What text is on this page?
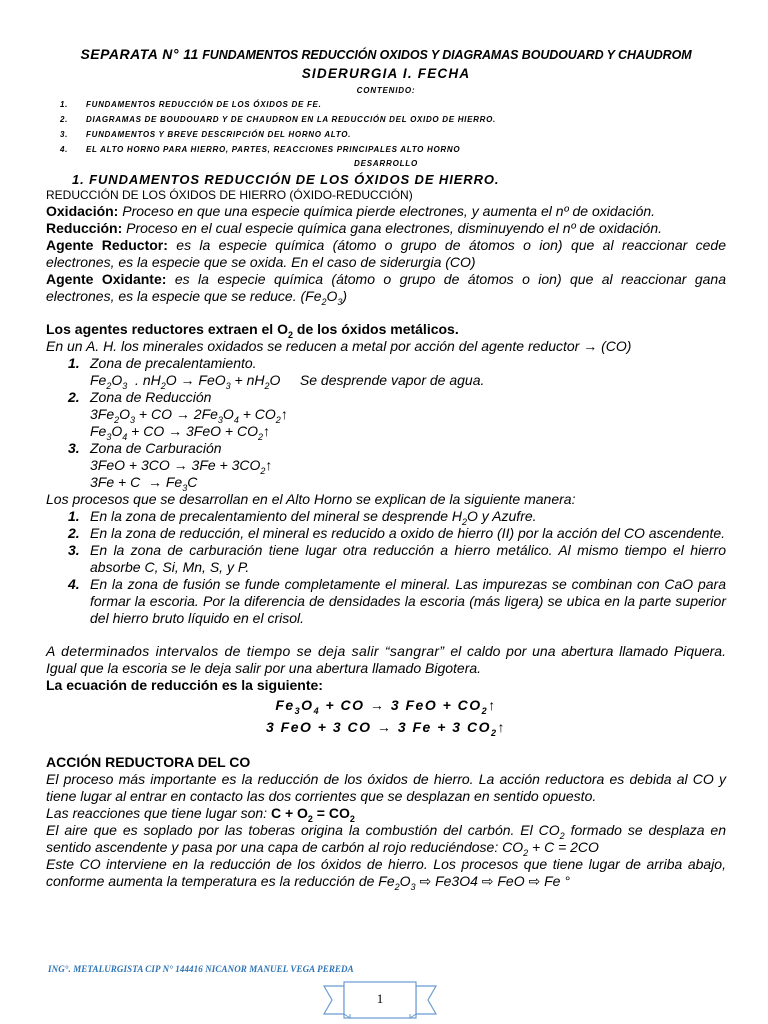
SEPARATA N° 11 FUNDAMENTOS REDUCCIÓN OXIDOS Y DIAGRAMAS BOUDOUARD Y CHAUDROM
SIDERURGIA I. FECHA
CONTENIDO:
1.	FUNDAMENTOS REDUCCIÓN DE LOS ÓXIDOS DE FE.
2.	DIAGRAMAS DE BOUDOUARD Y DE CHAUDRON EN LA REDUCCIÓN DEL OXIDO DE HIERRO.
3.	FUNDAMENTOS Y BREVE DESCRIPCIÓN DEL HORNO ALTO.
4.	EL ALTO HORNO PARA HIERRO, PARTES, REACCIONES PRINCIPALES ALTO HORNO
DESARROLLO
1. FUNDAMENTOS REDUCCIÓN DE LOS ÓXIDOS DE HIERRO.
REDUCCIÓN DE LOS ÓXIDOS DE HIERRO (ÓXIDO-REDUCCIÓN)
Oxidación: Proceso en que una especie química pierde electrones, y aumenta el nº de oxidación.
Reducción: Proceso en el cual especie química gana electrones, disminuyendo el nº de oxidación.
Agente Reductor: es la especie química (átomo o grupo de átomos o ion) que al reaccionar cede electrones, es la especie que se oxida. En el caso de siderurgia (CO)
Agente Oxidante: es la especie química (átomo o grupo de átomos o ion) que al reaccionar gana electrones, es la especie que se reduce. $(Fe_2O_3)$
Los agentes reductores extraen el $O_2$ de los óxidos metálicos.
En un A. H. los minerales oxidados se reducen a metal por acción del agente reductor → (CO)
1. Zona de precalentamiento.
$Fe_2O_3$  . $nH_2O \to FeO_3 + nH_2O$     Se desprende vapor de agua.
2. Zona de Reducción
$3Fe_2O_3$ + CO → $2Fe_3O_4$ + $CO_2↑$
$Fe_3O_4$ + CO → $3FeO + CO_2↑$
3. Zona de Carburación
$3FeO + 3CO \to 3Fe + 3CO_2↑$
$3Fe + C \to Fe_3C$
Los procesos que se desarrollan en el Alto Horno se explican de la siguiente manera:
1. En la zona de precalentamiento del mineral se desprende $H_2O$ y Azufre.
2. En la zona de reducción, el mineral es reducido a oxido de hierro (II) por la acción del CO ascendente.
3. En la zona de carburación tiene lugar otra reducción a hierro metálico. Al mismo tiempo el hierro absorbe C, Si, Mn, S, y P.
4. En la zona de fusión se funde completamente el mineral. Las impurezas se combinan con CaO para formar la escoria. Por la diferencia de densidades la escoria (más ligera) se ubica en la parte superior del hierro bruto líquido en el crisol.
A determinados intervalos de tiempo se deja salir “sangrar” el caldo por una abertura llamado Piquera. Igual que la escoria se le deja salir por una abertura llamado Bigotera.
La ecuación de reducción es la siguiente:
$Fe_3O_4$ + CO → 3 FeO + $CO_2↑$
3 FeO + 3 CO → 3 Fe + 3 $CO_2↑$
ACCIÓN REDUCTORA DEL CO
El proceso más importante es la reducción de los óxidos de hierro. La acción reductora es debida al CO y tiene lugar al entrar en contacto las dos corrientes que se desplazan en sentido opuesto.
Las reacciones que tiene lugar son: $C + O_2 = CO_2$
El aire que es soplado por las toberas origina la combustión del carbón. El $CO_2$ formado se desplaza en sentido ascendente y pasa por una capa de carbón al rojo reduciéndose: $CO_2 + C = 2CO$
Este CO interviene en la reducción de los óxidos de hierro. Los procesos que tiene lugar de arriba abajo, conforme aumenta la temperatura es la reducción de $Fe_2O_3$ ⇨ Fe3O4 ⇨ FeO ⇨ Fe °
ING°. METALURGISTA CIP N° 144416 NICANOR MANUEL VEGA PEREDA
1
